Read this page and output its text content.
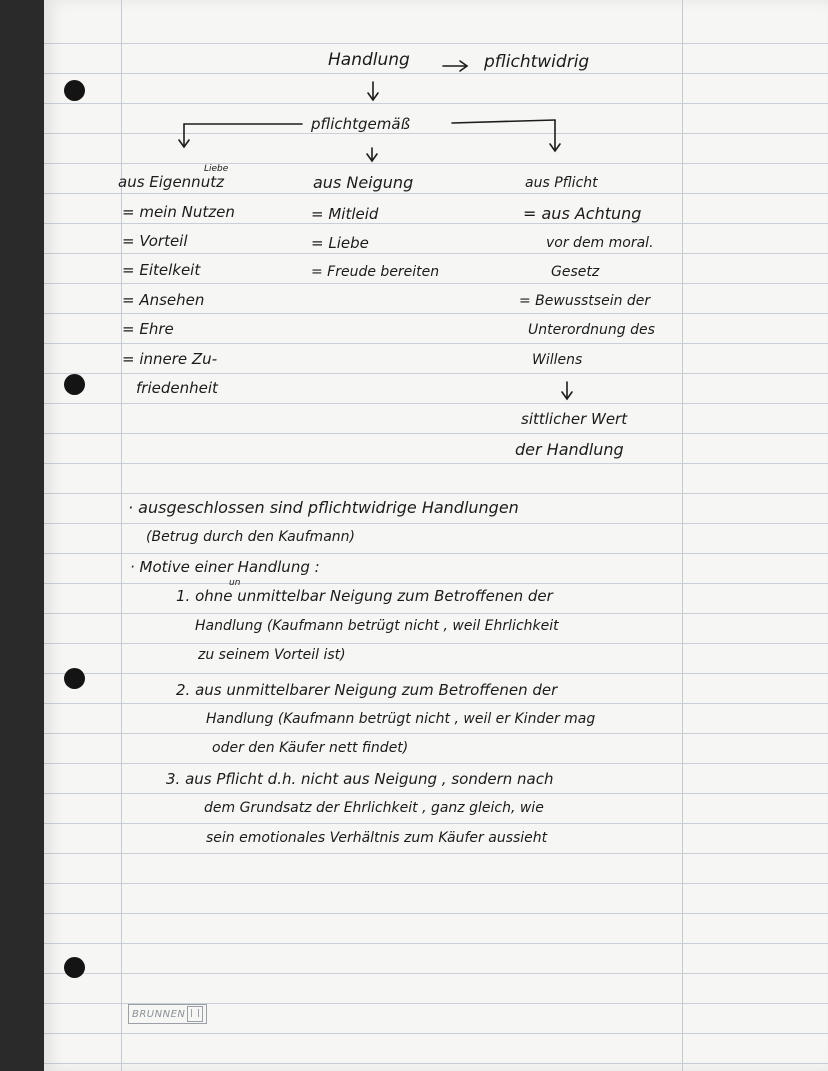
Handlung	pflichtwidrig

pflichtgemäß

Liebe

aus Eigennutz

= mein Nutzen

= Vorteil

= Eitelkeit

= Ansehen

= Ehre

= innere Zu-

friedenheit

aus Neigung

= Mitleid

= Liebe

= Freude bereiten

aus Pflicht

= aus Achtung

vor dem moral.

Gesetz

= Bewusstsein der

Unterordnung des

Willens

sittlicher Wert

der Handlung

· ausgeschlossen sind pflichtwidrige Handlungen

(Betrug durch den Kaufmann)

· Motive einer Handlung :

un

1. ohne unmittelbar Neigung zum Betroffenen der

Handlung (Kaufmann betrügt nicht , weil Ehrlichkeit

zu seinem Vorteil ist)

2. aus unmittelbarer Neigung zum Betroffenen der

Handlung (Kaufmann betrügt nicht , weil er Kinder mag

oder den Käufer nett findet)

3. aus Pflicht d.h. nicht aus Neigung , sondern nach

dem Grundsatz der Ehrlichkeit , ganz gleich, wie

sein emotionales Verhältnis zum Käufer aussieht

BRUNNEN
